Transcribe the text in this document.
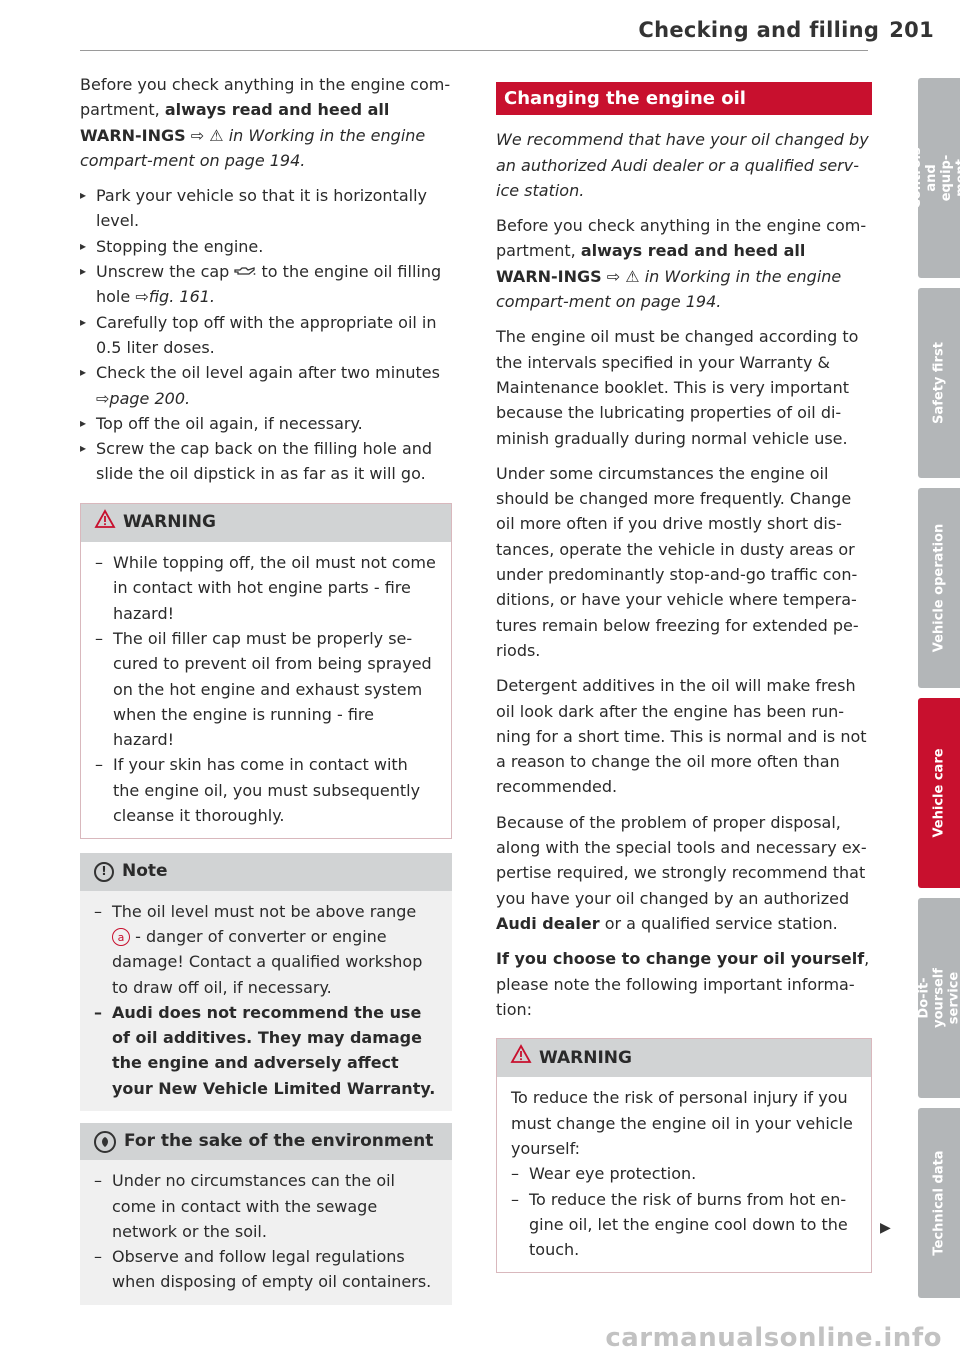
Checking and filling 201

Before you check anything in the engine com-partment, always read and heed all WARN-INGS ⇨ ⚠ in Working in the engine compart-ment on page 194.

▸ Park your vehicle so that it is horizontally level.
▸ Stopping the engine.
▸ Unscrew the cap to the engine oil filling hole ⇨fig. 161.
▸ Carefully top off with the appropriate oil in 0.5 liter doses.
▸ Check the oil level again after two minutes ⇨page 200.
▸ Top off the oil again, if necessary.
▸ Screw the cap back on the filling hole and slide the oil dipstick in as far as it will go.
WARNING
– While topping off, the oil must not come in contact with hot engine parts - fire hazard!
– The oil filler cap must be properly se-cured to prevent oil from being sprayed on the hot engine and exhaust system when the engine is running - fire hazard!
– If your skin has come in contact with the engine oil, you must subsequently cleanse it thoroughly.
! Note
– The oil level must not be above range a - danger of converter or engine damage! Contact a qualified workshop to draw off oil, if necessary.
– Audi does not recommend the use of oil additives. They may damage the engine and adversely affect your New Vehicle Limited Warranty.
For the sake of the environment
– Under no circumstances can the oil come in contact with the sewage network or the soil.
– Observe and follow legal regulations when disposing of empty oil containers.
Changing the engine oil

We recommend that have your oil changed by an authorized Audi dealer or a qualified serv-ice station.

Before you check anything in the engine com-partment, always read and heed all WARN-INGS ⇨ ⚠ in Working in the engine compart-ment on page 194.

The engine oil must be changed according to the intervals specified in your Warranty & Maintenance booklet. This is very important because the lubricating properties of oil di-minish gradually during normal vehicle use.

Under some circumstances the engine oil should be changed more frequently. Change oil more often if you drive mostly short dis-tances, operate the vehicle in dusty areas or under predominantly stop-and-go traffic con-ditions, or have your vehicle where tempera-tures remain below freezing for extended pe-riods.

Detergent additives in the oil will make fresh oil look dark after the engine has been run-ning for a short time. This is normal and is not a reason to change the oil more often than recommended.

Because of the problem of proper disposal, along with the special tools and necessary ex-pertise required, we strongly recommend that you have your oil changed by an authorized Audi dealer or a qualified service station.

If you choose to change your oil yourself, please note the following important informa-tion:

WARNING
To reduce the risk of personal injury if you must change the engine oil in your vehicle yourself:
– Wear eye protection.
– To reduce the risk of burns from hot en-gine oil, let the engine cool down to the touch.
▶
Controls and equip-
ment
Safety first
Vehicle operation
Vehicle care
Do-it-yourself
service
Technical data
carmanualsonline.info
